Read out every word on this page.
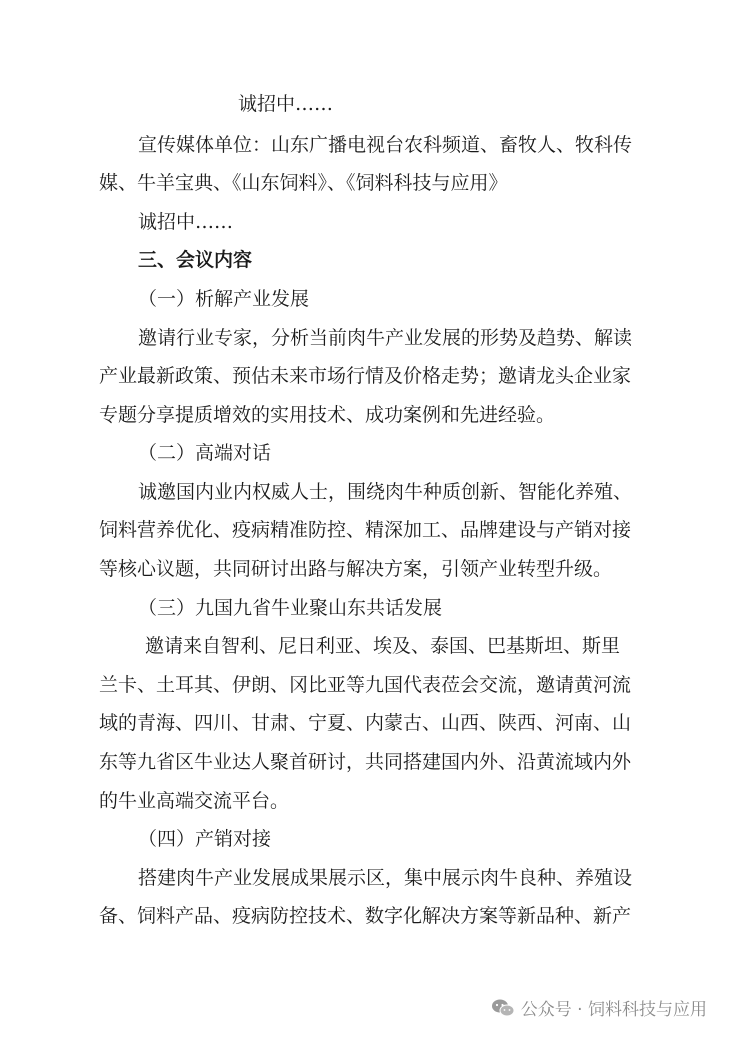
诚招中……
宣传媒体单位：山东广播电视台农科频道、畜牧人、牧科传
媒、牛羊宝典、《山东饲料》、《饲料科技与应用》
诚招中……
三、会议内容
（一）析解产业发展
邀请行业专家，分析当前肉牛产业发展的形势及趋势、解读
产业最新政策、预估未来市场行情及价格走势；邀请龙头企业家
专题分享提质增效的实用技术、成功案例和先进经验。
（二）高端对话
诚邀国内业内权威人士，围绕肉牛种质创新、智能化养殖、
饲料营养优化、疫病精准防控、精深加工、品牌建设与产销对接
等核心议题，共同研讨出路与解决方案，引领产业转型升级。
（三）九国九省牛业聚山东共话发展
邀请来自智利、尼日利亚、埃及、泰国、巴基斯坦、斯里
兰卡、土耳其、伊朗、冈比亚等九国代表莅会交流，邀请黄河流
域的青海、四川、甘肃、宁夏、内蒙古、山西、陕西、河南、山
东等九省区牛业达人聚首研讨，共同搭建国内外、沿黄流域内外
的牛业高端交流平台。
（四）产销对接
搭建肉牛产业发展成果展示区，集中展示肉牛良种、养殖设
备、饲料产品、疫病防控技术、数字化解决方案等新品种、新产
公众号 · 饲料科技与应用
